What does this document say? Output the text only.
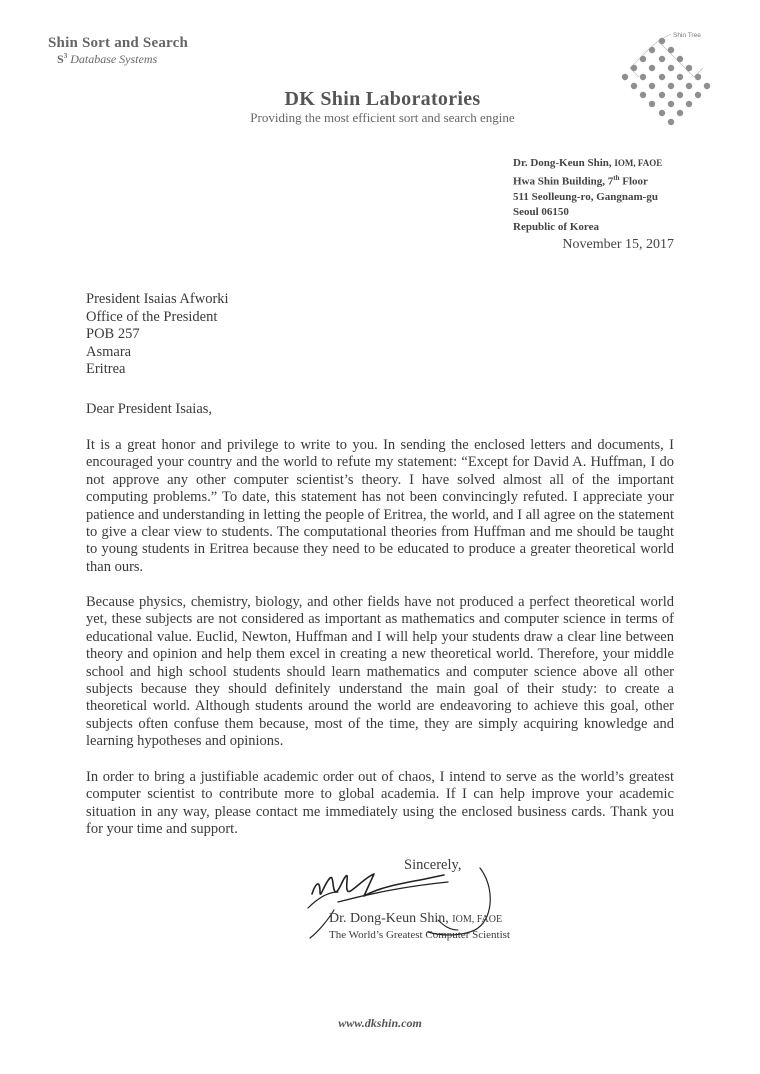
Shin Sort and Search
$S^3$ Database Systems
Shin Tree
DK Shin Laboratories
Providing the most efficient sort and search engine
Dr. Dong-Keun Shin, IOM, FAOE
Hwa Shin Building, 7th Floor
511 Seolleung-ro, Gangnam-gu
Seoul 06150
Republic of Korea
November 15, 2017
President Isaias Afworki
Office of the President
POB 257
Asmara
Eritrea
Dear President Isaias,
It is a great honor and privilege to write to you. In sending the enclosed letters and documents, I encouraged your country and the world to refute my statement: “Except for David A. Huffman, I do not approve any other computer scientist’s theory. I have solved almost all of the important computing problems.” To date, this statement has not been convincingly refuted. I appreciate your patience and understanding in letting the people of Eritrea, the world, and I all agree on the statement to give a clear view to students. The computational theories from Huffman and me should be taught to young students in Eritrea because they need to be educated to produce a greater theoretical world than ours.
Because physics, chemistry, biology, and other fields have not produced a perfect theoretical world yet, these subjects are not considered as important as mathematics and computer science in terms of educational value. Euclid, Newton, Huffman and I will help your students draw a clear line between theory and opinion and help them excel in creating a new theoretical world. Therefore, your middle school and high school students should learn mathematics and computer science above all other subjects because they should definitely understand the main goal of their study: to create a theoretical world. Although students around the world are endeavoring to achieve this goal, other subjects often confuse them because, most of the time, they are simply acquiring knowledge and learning hypotheses and opinions.
In order to bring a justifiable academic order out of chaos, I intend to serve as the world’s greatest computer scientist to contribute more to global academia. If I can help improve your academic situation in any way, please contact me immediately using the enclosed business cards. Thank you for your time and support.
Sincerely,
Dr. Dong-Keun Shin, IOM, FAOE
The World’s Greatest Computer Scientist
www.dkshin.com
